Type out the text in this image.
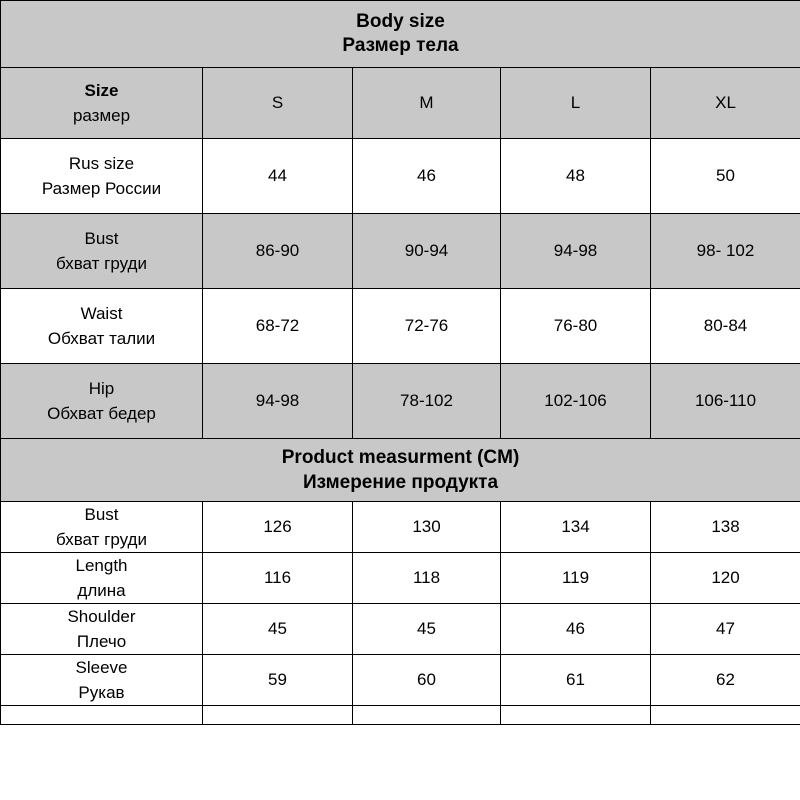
Body size
Размер тела				

Size
размер	S	M	L	XL
Rus size
Размер России	44	46	48	50
Bust
бхват груди	86-90	90-94	94-98	98- 102
Waist
Обхват талии	68-72	72-76	76-80	80-84
Hip
Обхват бедер	94-98	78-102	102-106	106-110
Product measurment (CM)
Измерение продукта				

Bust
бхват груди	126	130	134	138
Length
длина	116	118	119	120
Shoulder
Плечо	45	45	46	47
Sleeve
Рукав	59	60	61	62
